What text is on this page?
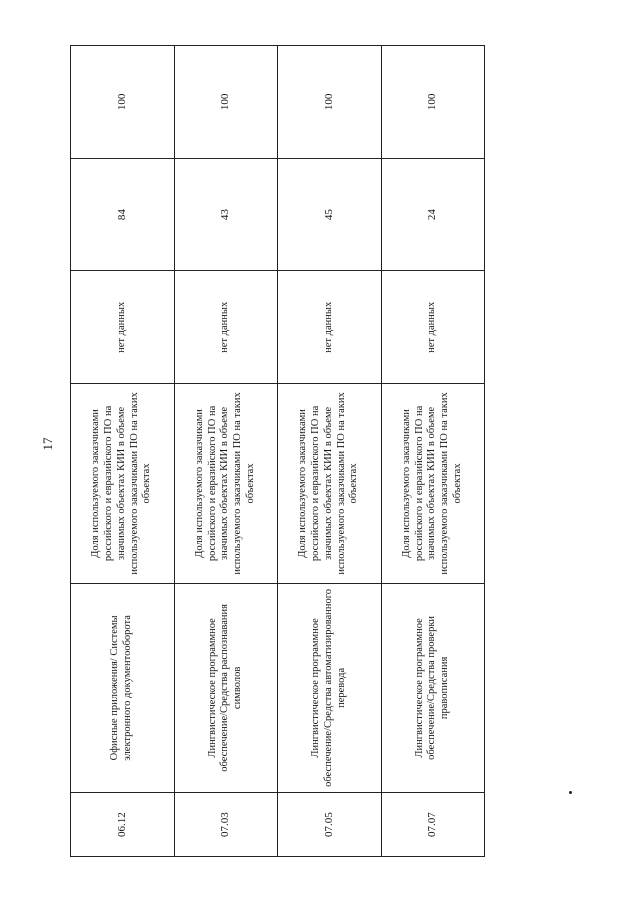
17
06.12
Офисные приложения/ Системы электронного документооборота
Доля используемого заказчиками российского и евразийского ПО на значимых объектах КИИ в объеме используемого заказчиками ПО на таких объектах
нет данных
84
100
07.03
Лингвистическое программное обеспечение/Средства распознавания символов
Доля используемого заказчиками российского и евразийского ПО на значимых объектах КИИ в объеме используемого заказчиками ПО на таких объектах
нет данных
43
100
07.05
Лингвистическое программное обеспечение/Средства автоматизированного перевода
Доля используемого заказчиками российского и евразийского ПО на значимых объектах КИИ в объеме используемого заказчиками ПО на таких объектах
нет данных
45
100
07.07
Лингвистическое программное обеспечение/Средства проверки правописания
Доля используемого заказчиками российского и евразийского ПО на значимых объектах КИИ в объеме используемого заказчиками ПО на таких объектах
нет данных
24
100
